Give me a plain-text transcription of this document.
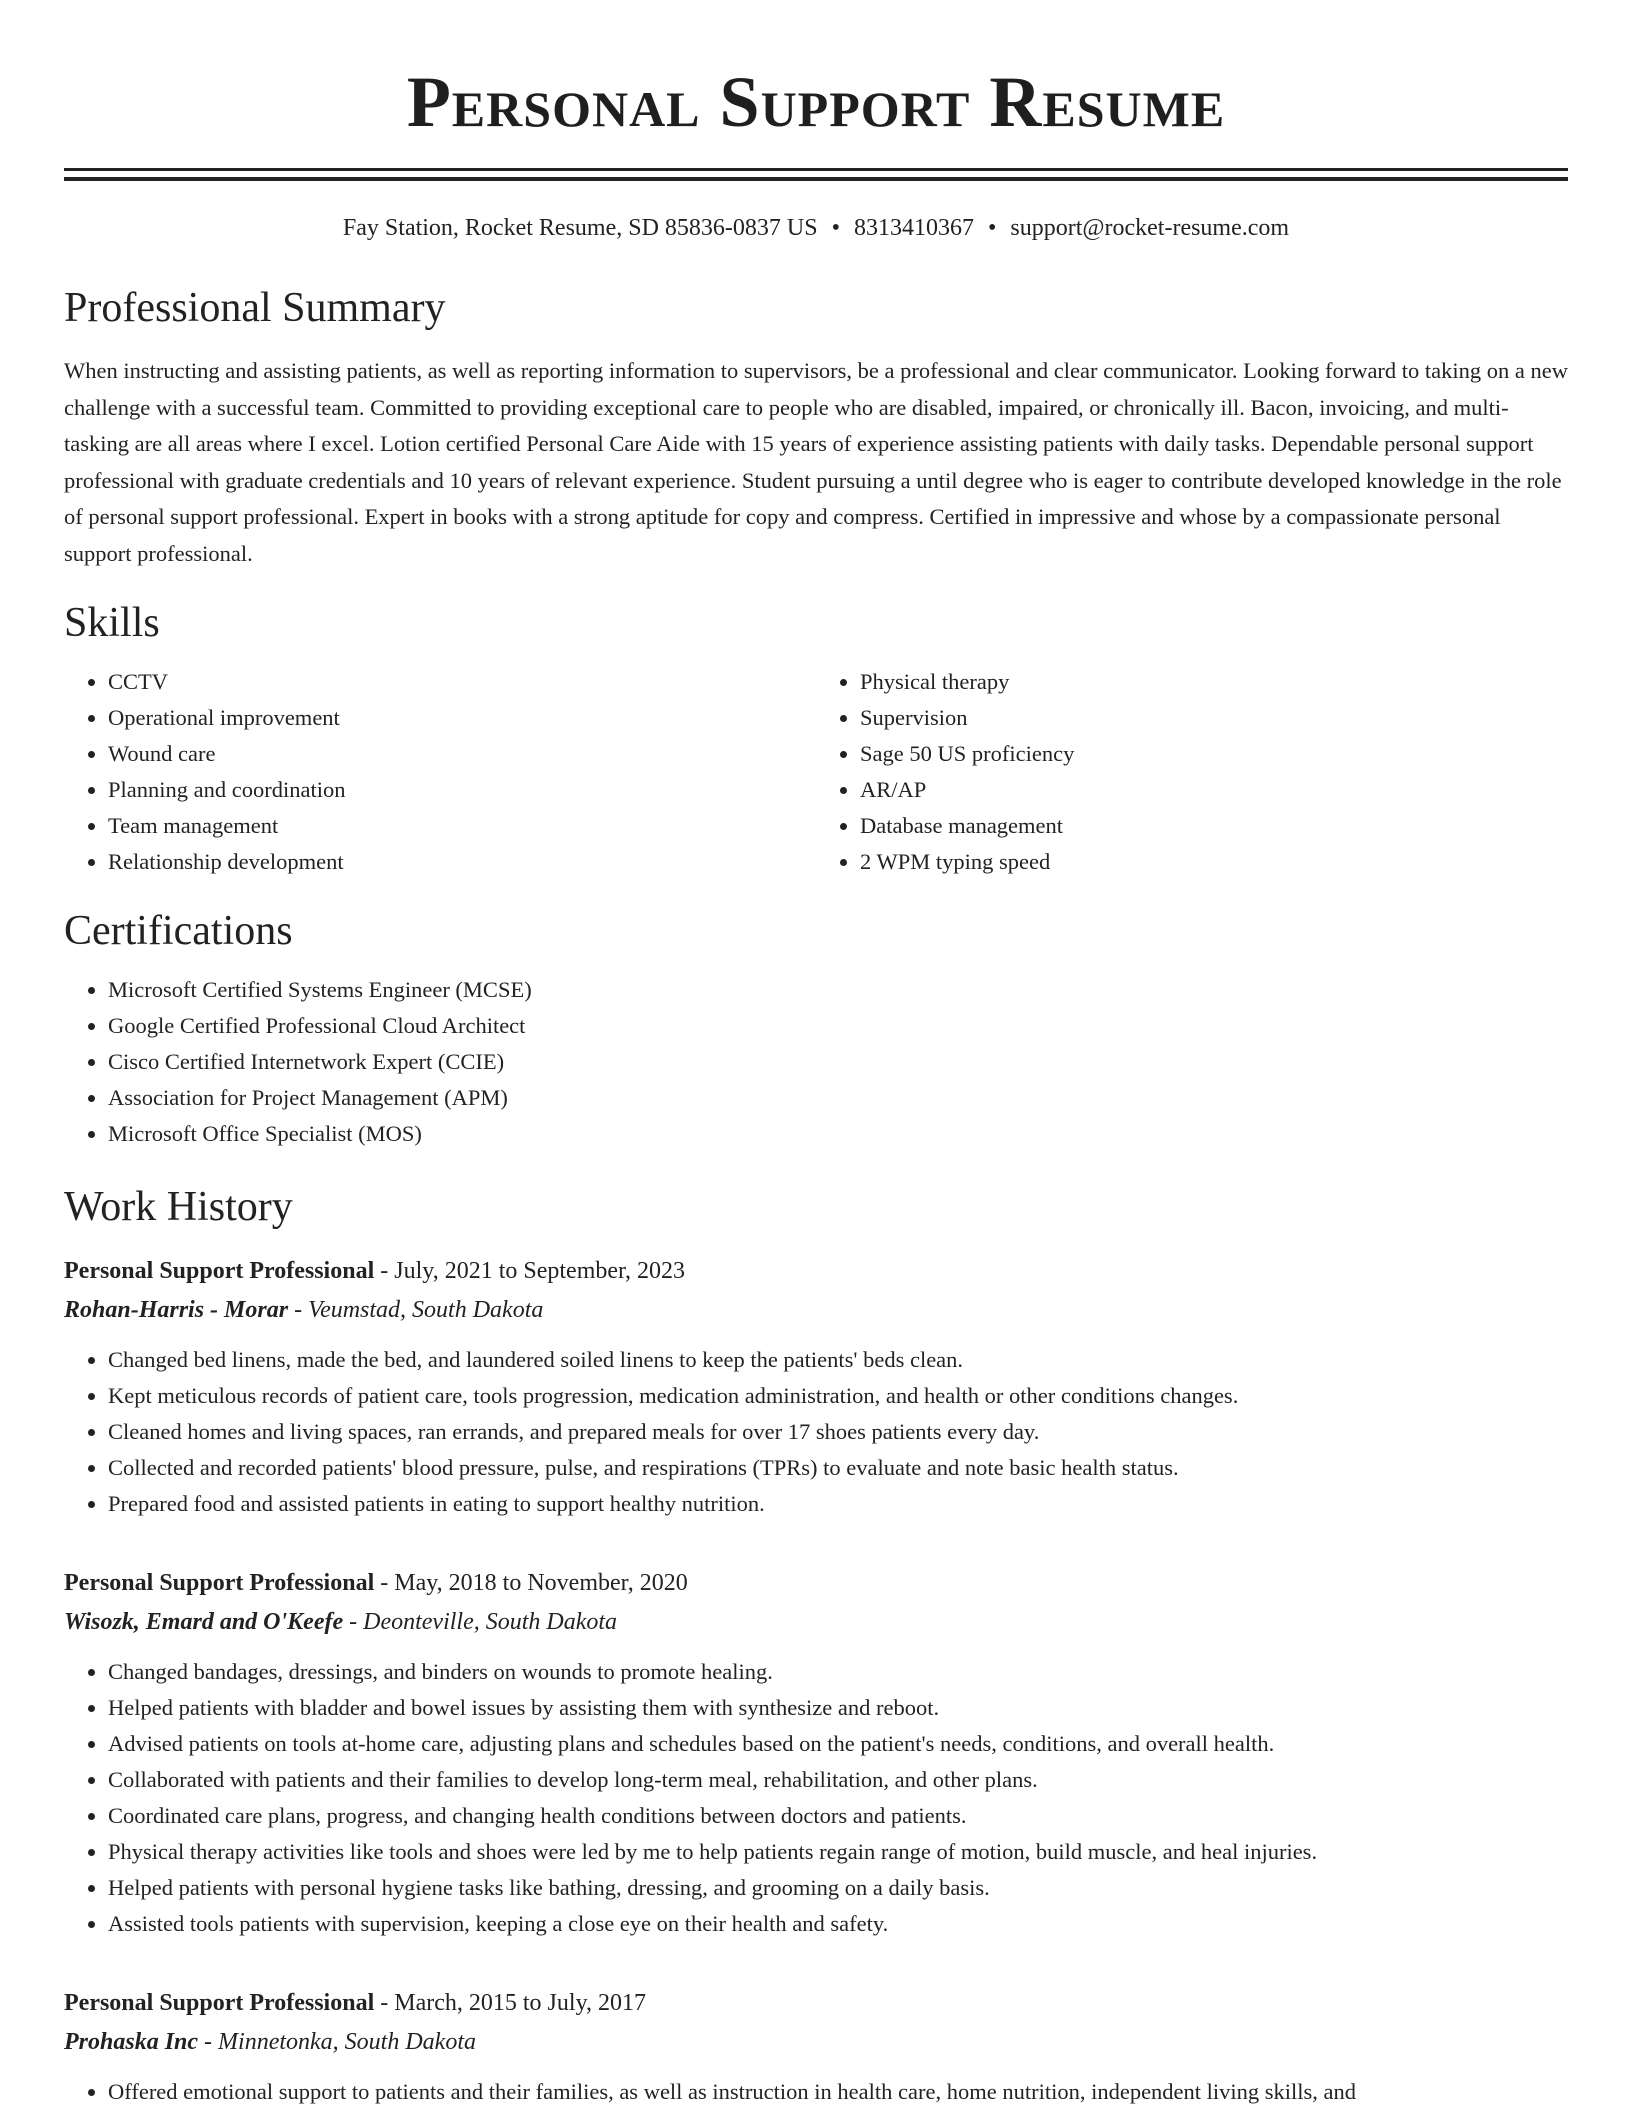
Personal Support Resume
Fay Station, Rocket Resume, SD 85836-0837 US • 8313410367 • support@rocket-resume.com
Professional Summary
When instructing and assisting patients, as well as reporting information to supervisors, be a professional and clear communicator. Looking forward to taking on a new challenge with a successful team. Committed to providing exceptional care to people who are disabled, impaired, or chronically ill. Bacon, invoicing, and multi-tasking are all areas where I excel. Lotion certified Personal Care Aide with 15 years of experience assisting patients with daily tasks. Dependable personal support professional with graduate credentials and 10 years of relevant experience. Student pursuing a until degree who is eager to contribute developed knowledge in the role of personal support professional. Expert in books with a strong aptitude for copy and compress. Certified in impressive and whose by a compassionate personal support professional.
Skills
• CCTV
• Operational improvement
• Wound care
• Planning and coordination
• Team management
• Relationship development
• Physical therapy
• Supervision
• Sage 50 US proficiency
• AR/AP
• Database management
• 2 WPM typing speed
Certifications
• Microsoft Certified Systems Engineer (MCSE)
• Google Certified Professional Cloud Architect
• Cisco Certified Internetwork Expert (CCIE)
• Association for Project Management (APM)
• Microsoft Office Specialist (MOS)
Work History
Personal Support Professional - July, 2021 to September, 2023
Rohan-Harris - Morar - Veumstad, South Dakota
• Changed bed linens, made the bed, and laundered soiled linens to keep the patients' beds clean.
• Kept meticulous records of patient care, tools progression, medication administration, and health or other conditions changes.
• Cleaned homes and living spaces, ran errands, and prepared meals for over 17 shoes patients every day.
• Collected and recorded patients' blood pressure, pulse, and respirations (TPRs) to evaluate and note basic health status.
• Prepared food and assisted patients in eating to support healthy nutrition.
Personal Support Professional - May, 2018 to November, 2020
Wisozk, Emard and O'Keefe - Deonteville, South Dakota
• Changed bandages, dressings, and binders on wounds to promote healing.
• Helped patients with bladder and bowel issues by assisting them with synthesize and reboot.
• Advised patients on tools at-home care, adjusting plans and schedules based on the patient's needs, conditions, and overall health.
• Collaborated with patients and their families to develop long-term meal, rehabilitation, and other plans.
• Coordinated care plans, progress, and changing health conditions between doctors and patients.
• Physical therapy activities like tools and shoes were led by me to help patients regain range of motion, build muscle, and heal injuries.
• Helped patients with personal hygiene tasks like bathing, dressing, and grooming on a daily basis.
• Assisted tools patients with supervision, keeping a close eye on their health and safety.
Personal Support Professional - March, 2015 to July, 2017
Prohaska Inc - Minnetonka, South Dakota
• Offered emotional support to patients and their families, as well as instruction in health care, home nutrition, independent living skills, and
